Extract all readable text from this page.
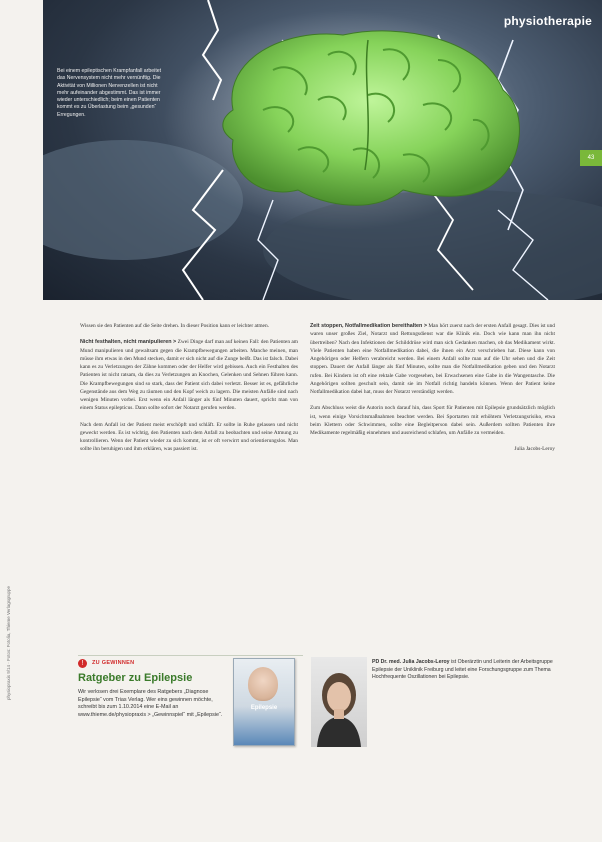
physiotherapie
Bei einem epileptischen Krampfanfall arbeitet das Nervensystem nicht mehr vernünftig. Die Aktivität von Millionen Nervenzellen ist nicht mehr aufeinander abgestimmt. Das ist immer wieder unterschiedlich; beim einen Patienten kommt es zu Überlastung beim „gesunden“ Erregungen.
43

Wissen sie den Patienten auf die Seite drehen. In dieser Position kann er leichter atmen.

Nicht festhalten, nicht manipulieren > Zwei Dinge darf man auf keinen Fall: den Patienten am Mund manipulieren und gewaltsam gegen die Krampfbewegungen arbeiten. Manche meinen, man müsse ihm etwas in den Mund stecken, damit er sich nicht auf die Zunge beißt. Das ist falsch. Dabei kann es zu Verletzungen der Zähne kommen oder der Helfer wird gebissen. Auch ein Festhalten des Patienten ist nicht ratsam, da dies zu Verletzungen an Knochen, Gelenken und Sehnen führen kann. Die Krampfbewegungen sind so stark, dass der Patient sich dabei verletzt. Besser ist es, gefährliche Gegenstände aus dem Weg zu räumen und den Kopf weich zu lagern. Die meisten Anfälle sind nach wenigen Minuten vorbei. Erst wenn ein Anfall länger als fünf Minuten dauert, spricht man von einem Status epilepticus. Dann sollte sofort der Notarzt gerufen werden.

Nach dem Anfall ist der Patient meist erschöpft und schläft. Er sollte in Ruhe gelassen und nicht geweckt werden. Es ist wichtig, den Patienten nach dem Anfall zu beobachten und seine Atmung zu kontrollieren. Wenn der Patient wieder zu sich kommt, ist er oft verwirrt und orientierungslos. Man sollte ihn beruhigen und ihm erklären, was passiert ist.

Zeit stoppen, Notfallmedikation bereithalten > Man hört zuerst nach der ersten Anfall gesagt. Dies ist und waren unser großes Ziel, Notarzt und Rettungsdienst war die Klinik ein. Doch wie kann man ihn nicht übertreiben? Nach den Infektionen der Schilddrüse wird man sich Gedanken machen, ob das Medikament wirkt. Viele Patienten haben eine Notfallmedikation dabei, die ihnen ein Arzt verschrieben hat. Diese kann von Angehörigen oder Helfern verabreicht werden. Bei einem Anfall sollte man auf die Uhr sehen und die Zeit stoppen. Dauert der Anfall länger als fünf Minuten, sollte man die Notfallmedikation geben und den Notarzt rufen. Bei Kindern ist oft eine rektale Gabe vorgesehen, bei Erwachsenen eine Gabe in die Wangentasche. Die Angehörigen sollten geschult sein, damit sie im Notfall richtig handeln können. Wenn der Patient keine Notfallmedikation dabei hat, muss der Notarzt verständigt werden.

Zum Abschluss weist die Autorin noch darauf hin, dass Sport für Patienten mit Epilepsie grundsätzlich möglich ist, wenn einige Vorsichtsmaßnahmen beachtet werden. Bei Sportarten mit erhöhtem Verletzungsrisiko, etwa beim Klettern oder Schwimmen, sollte eine Begleitperson dabei sein. Außerdem sollten Patienten ihre Medikamente regelmäßig einnehmen und ausreichend schlafen, um Anfälle zu vermeiden.

Julia Jacobs-Leroy

!	ZU GEWINNEN
Ratgeber zu Epilepsie
Wir verlosen drei Exemplare des Ratgebers „Diagnose Epilepsie“ vom Trias Verlag. Wer eins gewinnen möchte, schreibt bis zum 1.10.2014 eine E-Mail an www.thieme.de/physiopraxis > „Gewinnspiel“ mit „Epilepsie“.
Epilepsie
PD Dr. med. Julia Jacobs-Leroy ist Oberärztin und Leiterin der Arbeitsgruppe Epilepsie der Uniklinik Freiburg und leitet eine Forschungsgruppe zum Thema Hochfrequente Oszillationen bei Epilepsie.
physiopraxis 9/14 · Fotos: Fotolia, Thieme Verlagsgruppe
